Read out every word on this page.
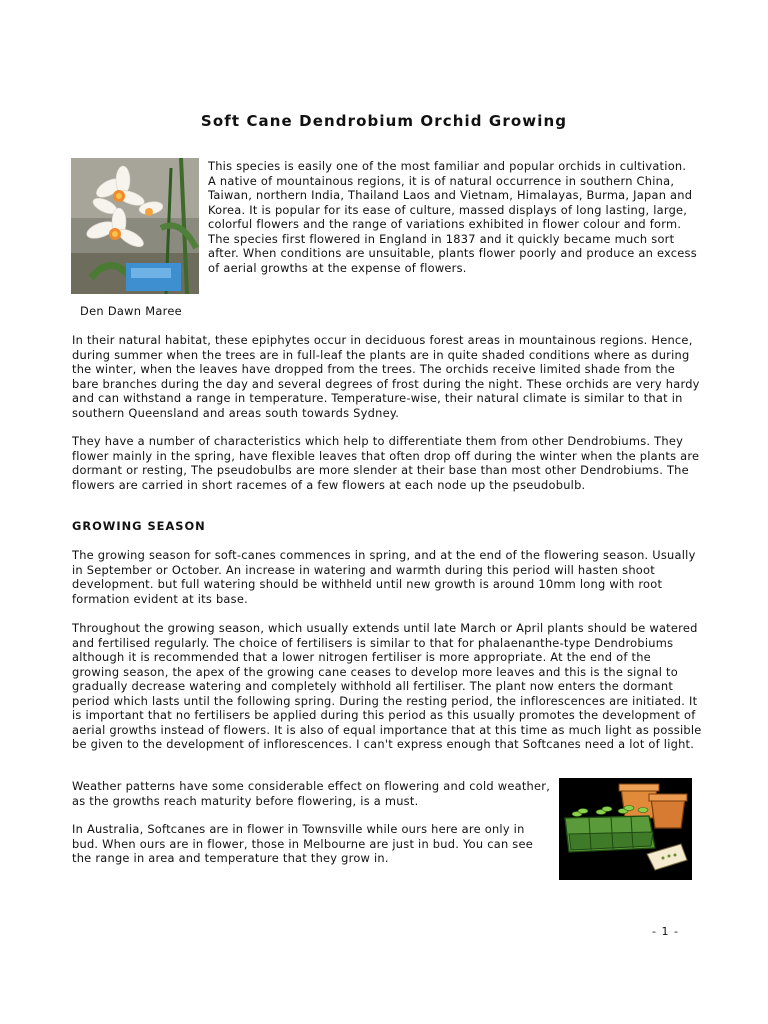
Soft Cane Dendrobium Orchid Growing

This species is easily one of the most familiar and popular orchids in cultivation. A native of mountainous regions, it is of natural occurrence in southern China, Taiwan, northern India, Thailand Laos and Vietnam, Himalayas, Burma, Japan and Korea. It is popular for its ease of culture, massed displays of long lasting, large, colorful flowers and the range of variations exhibited in flower colour and form. The species first flowered in England in 1837 and it quickly became much sort after. When conditions are unsuitable, plants flower poorly and produce an excess of aerial growths at the expense of flowers.

Den Dawn Maree

In their natural habitat, these epiphytes occur in deciduous forest areas in mountainous regions. Hence, during summer when the trees are in full-leaf the plants are in quite shaded conditions where as during the winter, when the leaves have dropped from the trees. The orchids receive limited shade from the bare branches during the day and several degrees of frost during the night. These orchids are very hardy and can withstand a range in temperature. Temperature-wise, their natural climate is similar to that in southern Queensland and areas south towards Sydney.

They have a number of characteristics which help to differentiate them from other Dendrobiums. They flower mainly in the spring, have flexible leaves that often drop off during the winter when the plants are dormant or resting, The pseudobulbs are more slender at their base than most other Dendrobiums. The flowers are carried in short racemes of a few flowers at each node up the pseudobulb.

GROWING SEASON

The growing season for soft-canes commences in spring, and at the end of the flowering season. Usually in September or October. An increase in watering and warmth during this period will hasten shoot development. but full watering should be withheld until new growth is around 10mm long with root formation evident at its base.

Throughout the growing season, which usually extends until late March or April plants should be watered and fertilised regularly. The choice of fertilisers is similar to that for phalaenanthe-type Dendrobiums although it is recommended that a lower nitrogen fertiliser is more appropriate. At the end of the growing season, the apex of the growing cane ceases to develop more leaves and this is the signal to gradually decrease watering and completely withhold all fertiliser. The plant now enters the dormant period which lasts until the following spring. During the resting period, the inflorescences are initiated. It is important that no fertilisers be applied during this period as this usually promotes the development of aerial growths instead of flowers. It is also of equal importance that at this time as much light as possible be given to the development of inflorescences. I can't express enough that Softcanes need a lot of light.

Weather patterns have some considerable effect on flowering and cold weather, as the growths reach maturity before flowering, is a must.

In Australia, Softcanes are in flower in Townsville while ours here are only in bud. When ours are in flower, those in Melbourne are just in bud. You can see the range in area and temperature that they grow in.

- 1 -
